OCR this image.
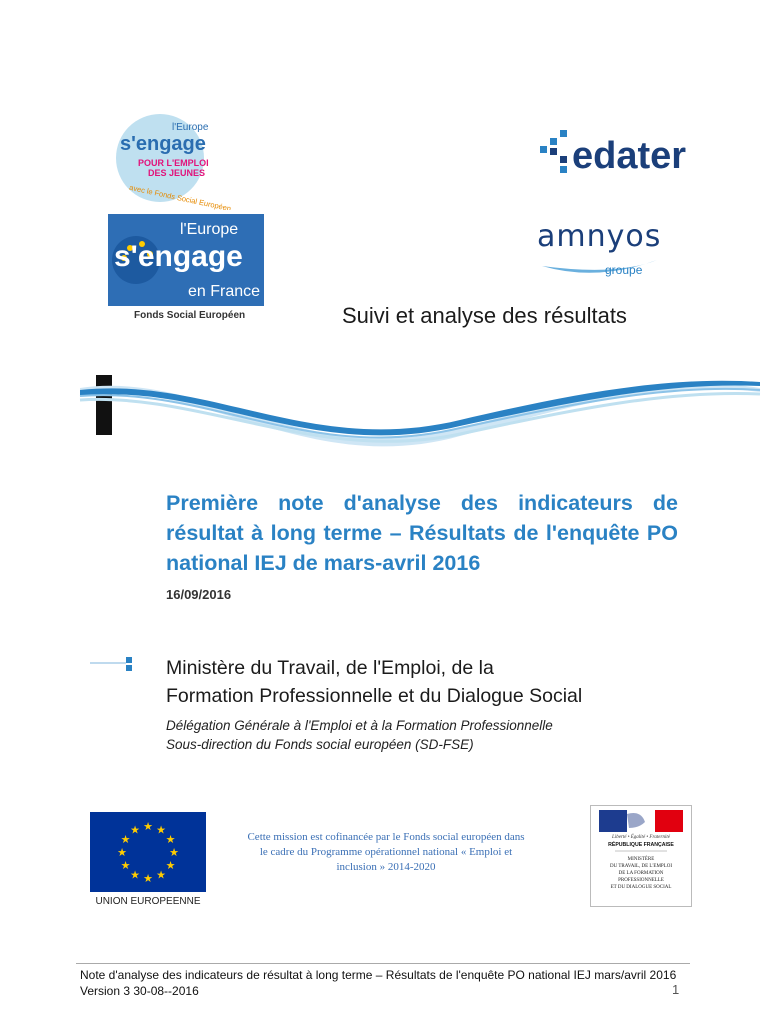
l'Europe
s'engage
POUR L'EMPLOI
DES JEUNES
avec le Fonds Social Européen
l'Europe
s'engage
en France
Fonds Social Européen
edater
amnyos
groupe
Suivi et analyse des résultats
Première note d'analyse des indicateurs de résultat à long terme – Résultats de l'enquête PO national IEJ de mars-avril 2016
16/09/2016
Ministère du Travail, de l'Emploi, de la
Formation Professionnelle et du Dialogue Social
Délégation Générale à l'Emploi et à la Formation Professionnelle
Sous-direction du Fonds social européen (SD-FSE)
★ ★
★
★
★
★
★
★
★
★
★
★
UNION EUROPEENNE
Cette mission est cofinancée par le Fonds social européen dans
le cadre du Programme opérationnel national « Emploi et
inclusion » 2014-2020
Liberté • Égalité • Fraternité
RÉPUBLIQUE FRANÇAISE
MINISTÈRE
DU TRAVAIL, DE L'EMPLOI
DE LA FORMATION
PROFESSIONNELLE
ET DU DIALOGUE SOCIAL
Note d'analyse des indicateurs de résultat à long terme – Résultats de l'enquête PO national IEJ mars/avril 2016
Version 3 30-08--2016	1
